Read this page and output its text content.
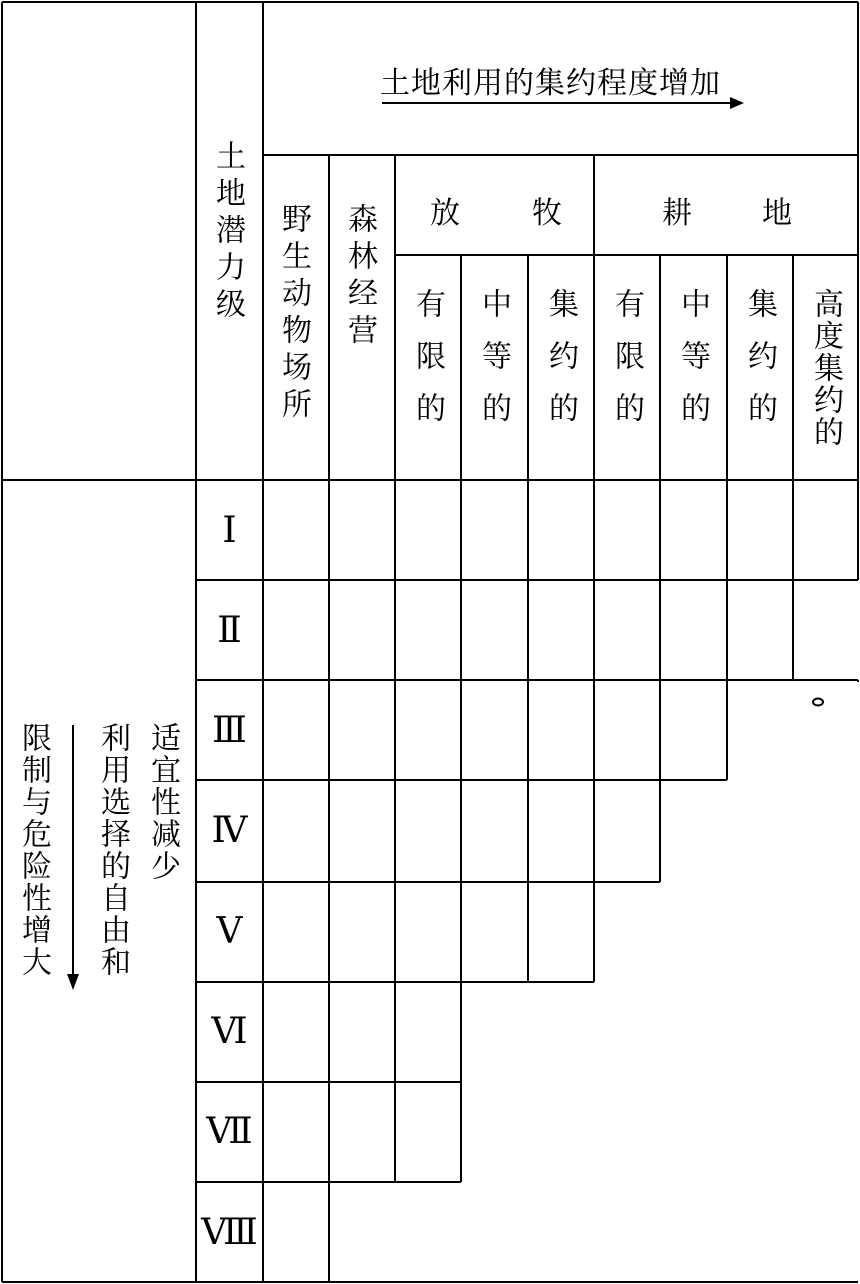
土地利用的集约程度增加
土地潜力级 野生动物场所 森林经营 放 牧	耕 地
有限的 中等的 集约的 有限的 中等的 集约的 高度集约的
Ⅰ
Ⅱ
Ⅲ
Ⅳ
Ⅴ
Ⅵ
Ⅶ
Ⅷ
适宜性减少
利用选择的自由和
限制与危险性增大
